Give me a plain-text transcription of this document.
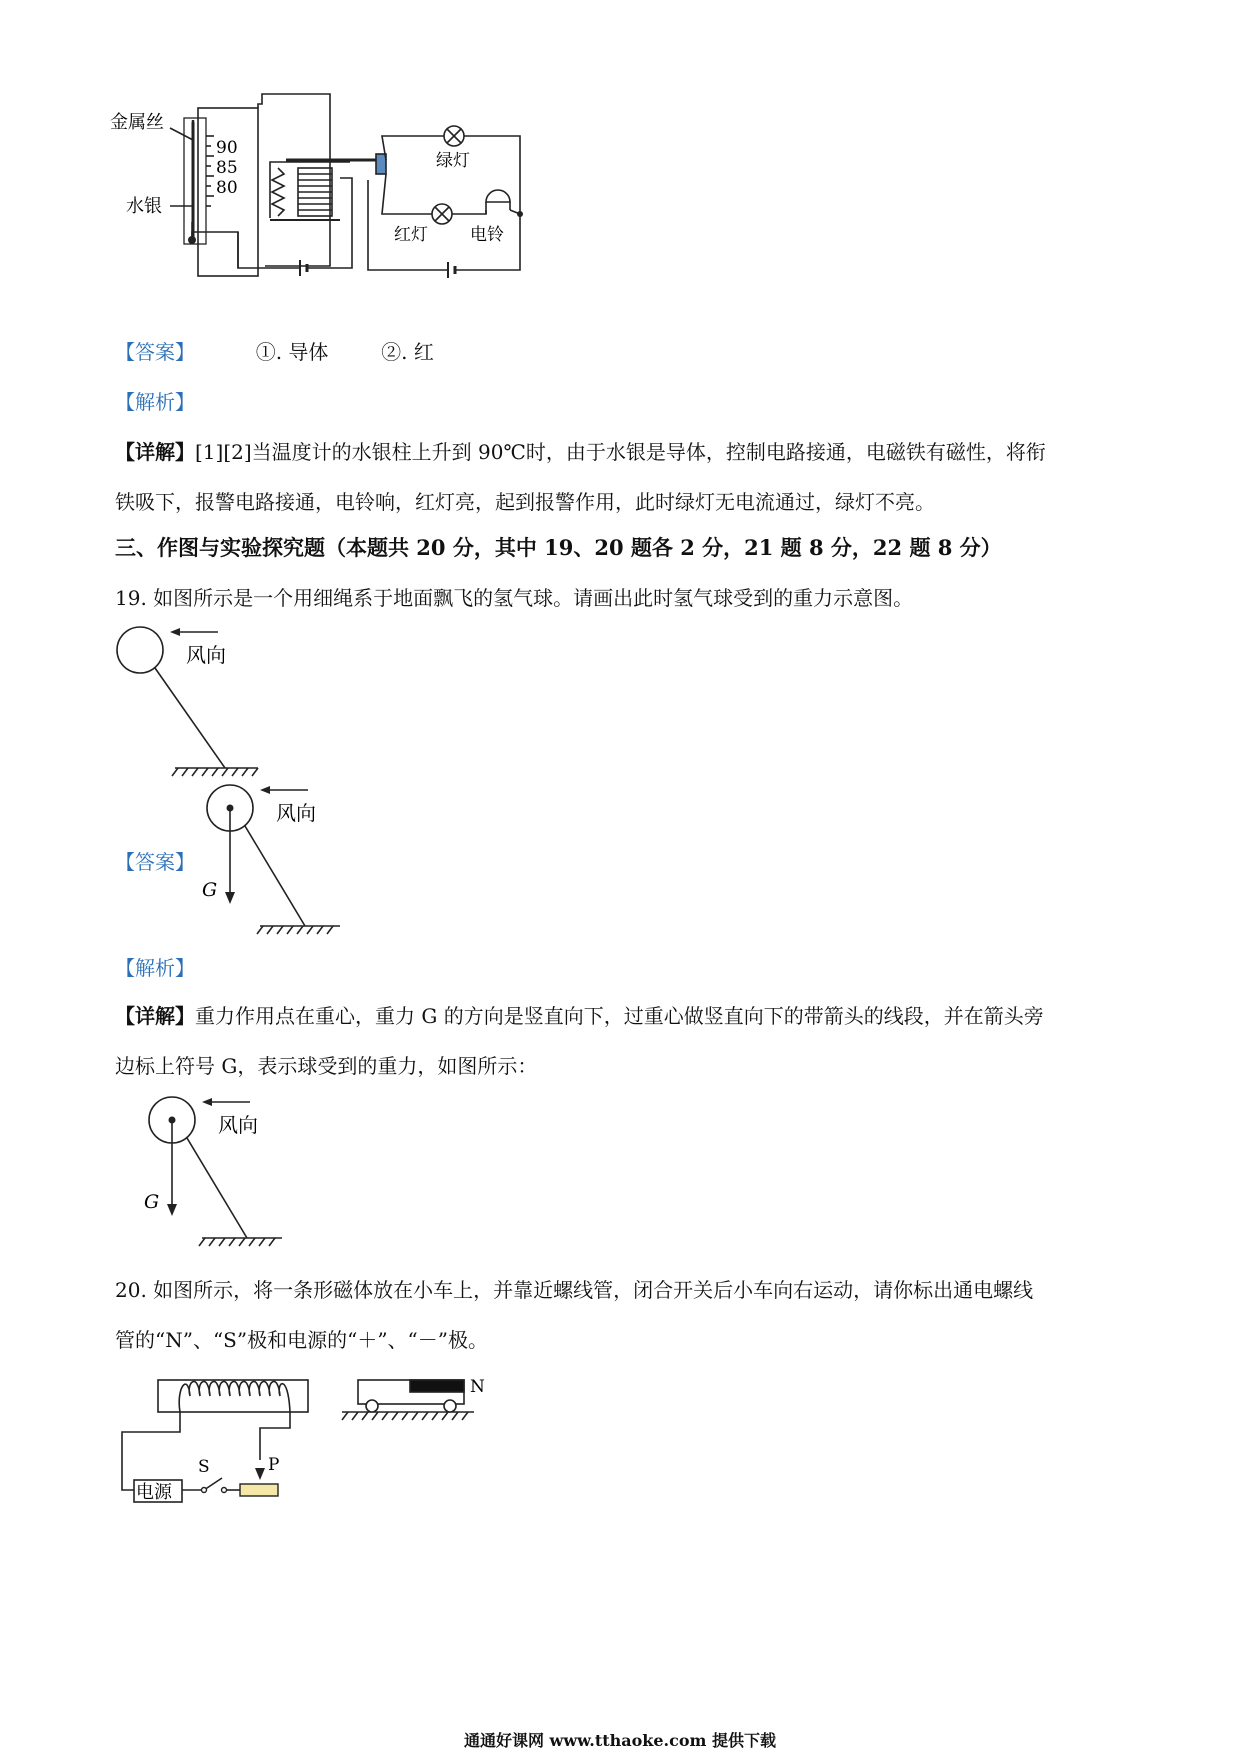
金属丝
水银
90
85
80
绿灯
红灯 电铃
【答案】	①. 导体	②. 红
【解析】
【详解】[1][2]当温度计的水银柱上升到 90℃时，由于水银是导体，控制电路接通，电磁铁有磁性，将衔
铁吸下，报警电路接通，电铃响，红灯亮，起到报警作用，此时绿灯无电流通过，绿灯不亮。
三、作图与实验探究题（本题共 20 分，其中 19、20 题各 2 分，21 题 8 分，22 题 8 分）
19. 如图所示是一个用细绳系于地面飘飞的氢气球。请画出此时氢气球受到的重力示意图。
风向
风向
G
【答案】
【解析】
【详解】重力作用点在重心，重力 G 的方向是竖直向下，过重心做竖直向下的带箭头的线段，并在箭头旁
边标上符号 G，表示球受到的重力，如图所示：
风向
G
20. 如图所示，将一条形磁体放在小车上，并靠近螺线管，闭合开关后小车向右运动，请你标出通电螺线
管的“N”、“S”极和电源的“＋”、“－”极。
电源
S	P
N
通通好课网 www.tthaoke.com 提供下载
